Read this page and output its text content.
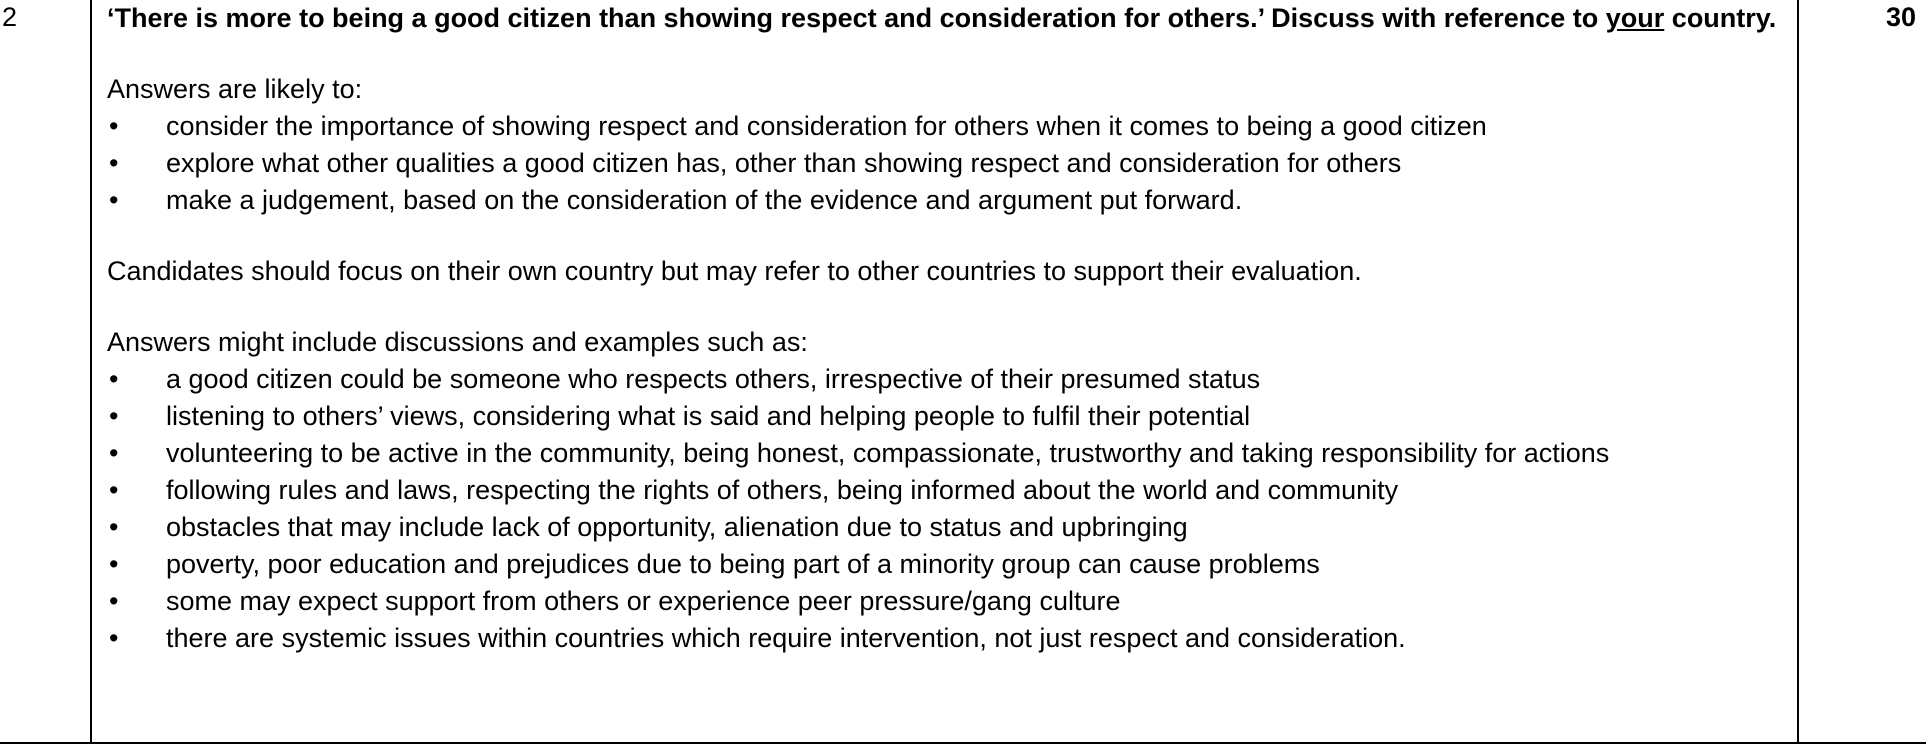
2	‘There is more to being a good citizen than showing respect and consideration for others.’ Discuss with reference to your country.

Answers are likely to:

• consider the importance of showing respect and consideration for others when it comes to being a good citizen
• explore what other qualities a good citizen has, other than showing respect and consideration for others
• make a judgement, based on the consideration of the evidence and argument put forward.

Candidates should focus on their own country but may refer to other countries to support their evaluation.

Answers might include discussions and examples such as:

• a good citizen could be someone who respects others, irrespective of their presumed status
• listening to others’ views, considering what is said and helping people to fulfil their potential
• volunteering to be active in the community, being honest, compassionate, trustworthy and taking responsibility for actions
• following rules and laws, respecting the rights of others, being informed about the world and community
• obstacles that may include lack of opportunity, alienation due to status and upbringing
• poverty, poor education and prejudices due to being part of a minority group can cause problems
• some may expect support from others or experience peer pressure/gang culture
• there are systemic issues within countries which require intervention, not just respect and consideration.
30
